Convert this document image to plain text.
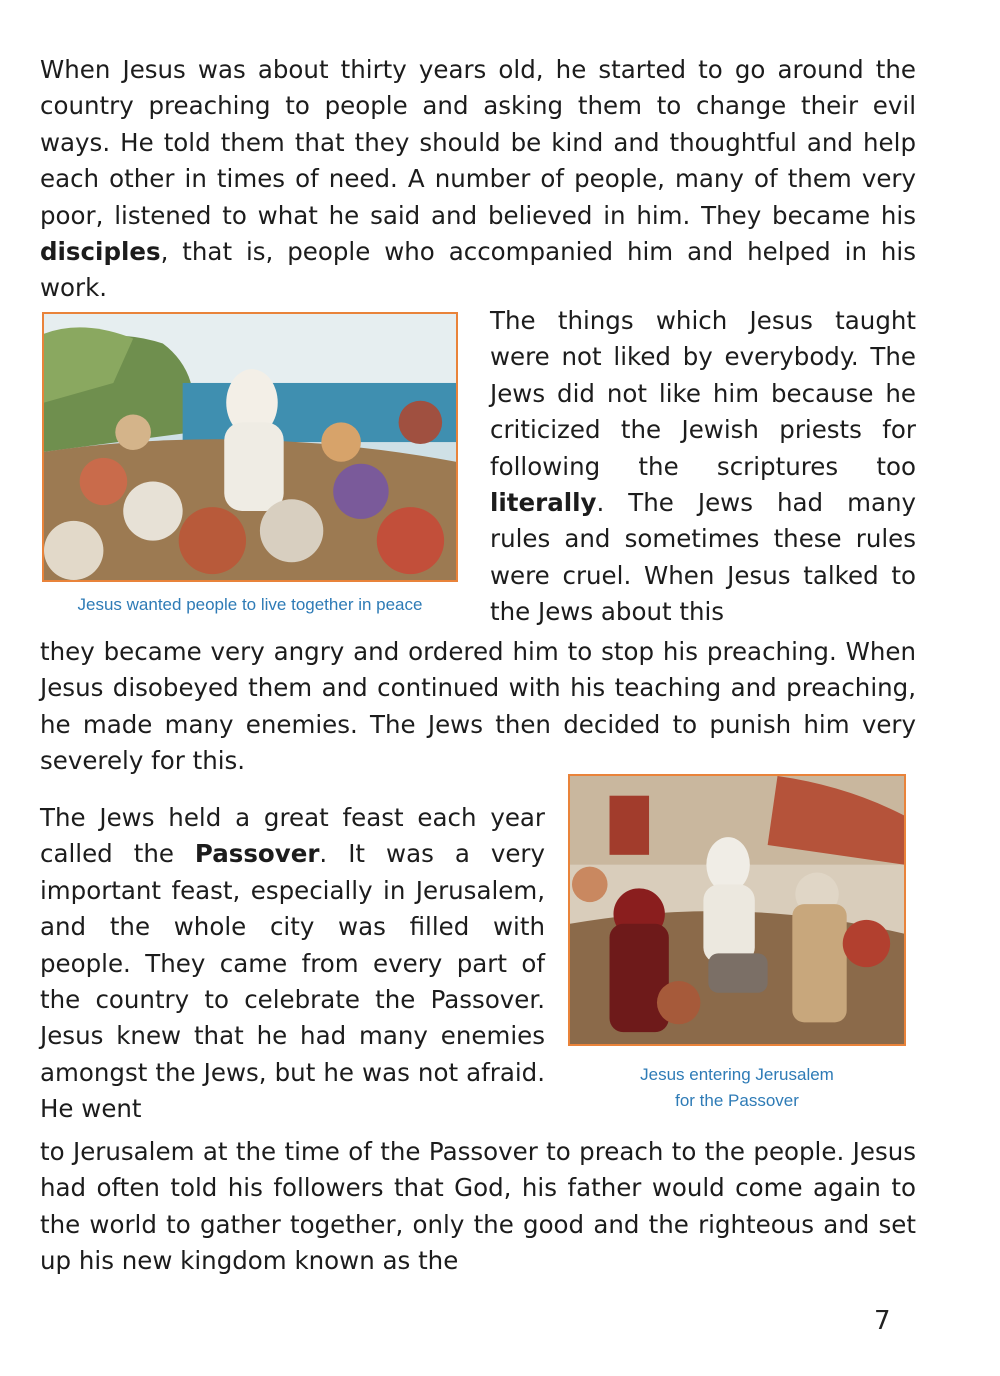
When Jesus was about thirty years old, he started to go around the country preaching to people and asking them to change their evil ways. He told them that they should be kind and thoughtful and help each other in times of need. A number of people, many of them very poor, listened to what he said and believed in him. They became his disciples, that is, people who accompanied him and helped in his work.

Jesus wanted people to live together in peace

The things which Jesus taught were not liked by everybody. The Jews did not like him because he criticized the Jewish priests for following the scriptures too literally. The Jews had many rules and sometimes these rules were cruel. When Jesus talked to the Jews about this

they became very angry and ordered him to stop his preaching. When Jesus disobeyed them and continued with his teaching and preaching, he made many enemies. The Jews then decided to punish him very severely for this.

Jesus entering Jerusalem
for the Passover

The Jews held a great feast each year called the Passover. It was a very important feast, especially in Jerusalem, and the whole city was filled with people. They came from every part of the country to celebrate the Passover. Jesus knew that he had many enemies amongst the Jews, but he was not afraid. He went

to Jerusalem at the time of the Passover to preach to the people. Jesus had often told his followers that God, his father would come again to the world to gather together, only the good and the righteous and set up his new kingdom known as the

7
